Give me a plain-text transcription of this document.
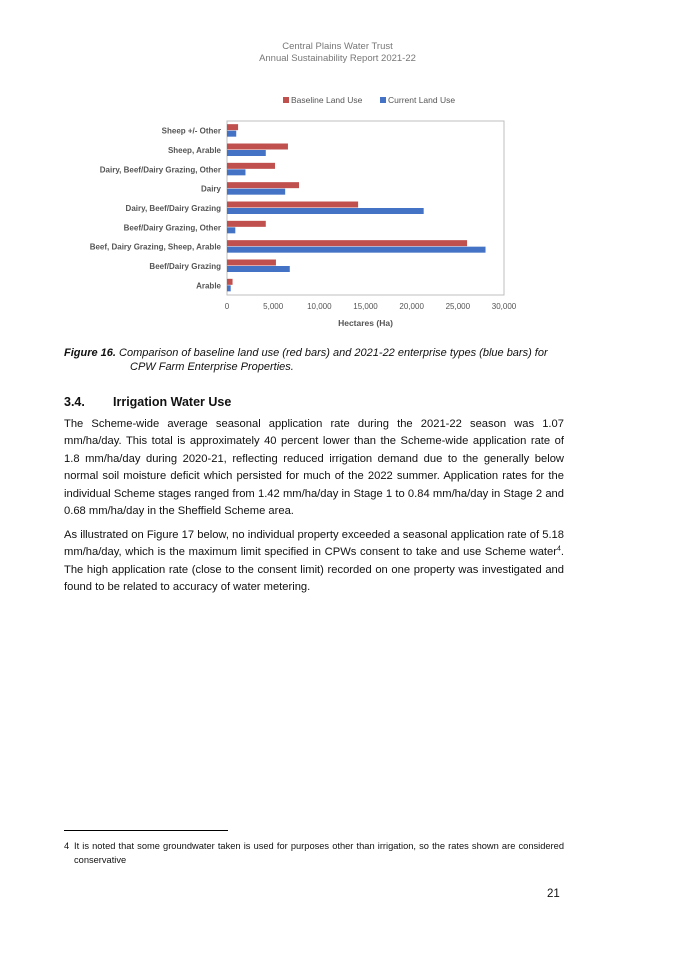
Central Plains Water Trust
Annual Sustainability Report 2021-22
Baseline Land Use	Current Land Use
0	5,000	10,000	15,000	20,000	25,000	30,000
Hectares (Ha)
Sheep +/- Other
Sheep, Arable
Dairy, Beef/Dairy Grazing, Other
Dairy
Dairy, Beef/Dairy Grazing
Beef/Dairy Grazing, Other
Beef, Dairy Grazing, Sheep, Arable
Beef/Dairy Grazing
Arable
Figure 16. Comparison of baseline land use (red bars) and 2021-22 enterprise types (blue bars) for
CPW Farm Enterprise Properties.
3.4. Irrigation Water Use
The Scheme-wide average seasonal application rate during the 2021-22 season was 1.07 mm/ha/day. This total is approximately 40 percent lower than the Scheme-wide application rate of 1.8 mm/ha/day during 2020-21, reflecting reduced irrigation demand due to the generally below normal soil moisture deficit which persisted for much of the 2022 summer. Application rates for the individual Scheme stages ranged from 1.42 mm/ha/day in Stage 1 to 0.84 mm/ha/day in Stage 2 and 0.68 mm/ha/day in the Sheffield Scheme area.
As illustrated on Figure 17 below, no individual property exceeded a seasonal application rate of 5.18 mm/ha/day, which is the maximum limit specified in CPWs consent to take and use Scheme water$^4$. The high application rate (close to the consent limit) recorded on one property was investigated and found to be related to accuracy of water metering.
4 It is noted that some groundwater taken is used for purposes other than irrigation, so the rates shown are considered conservative
21
